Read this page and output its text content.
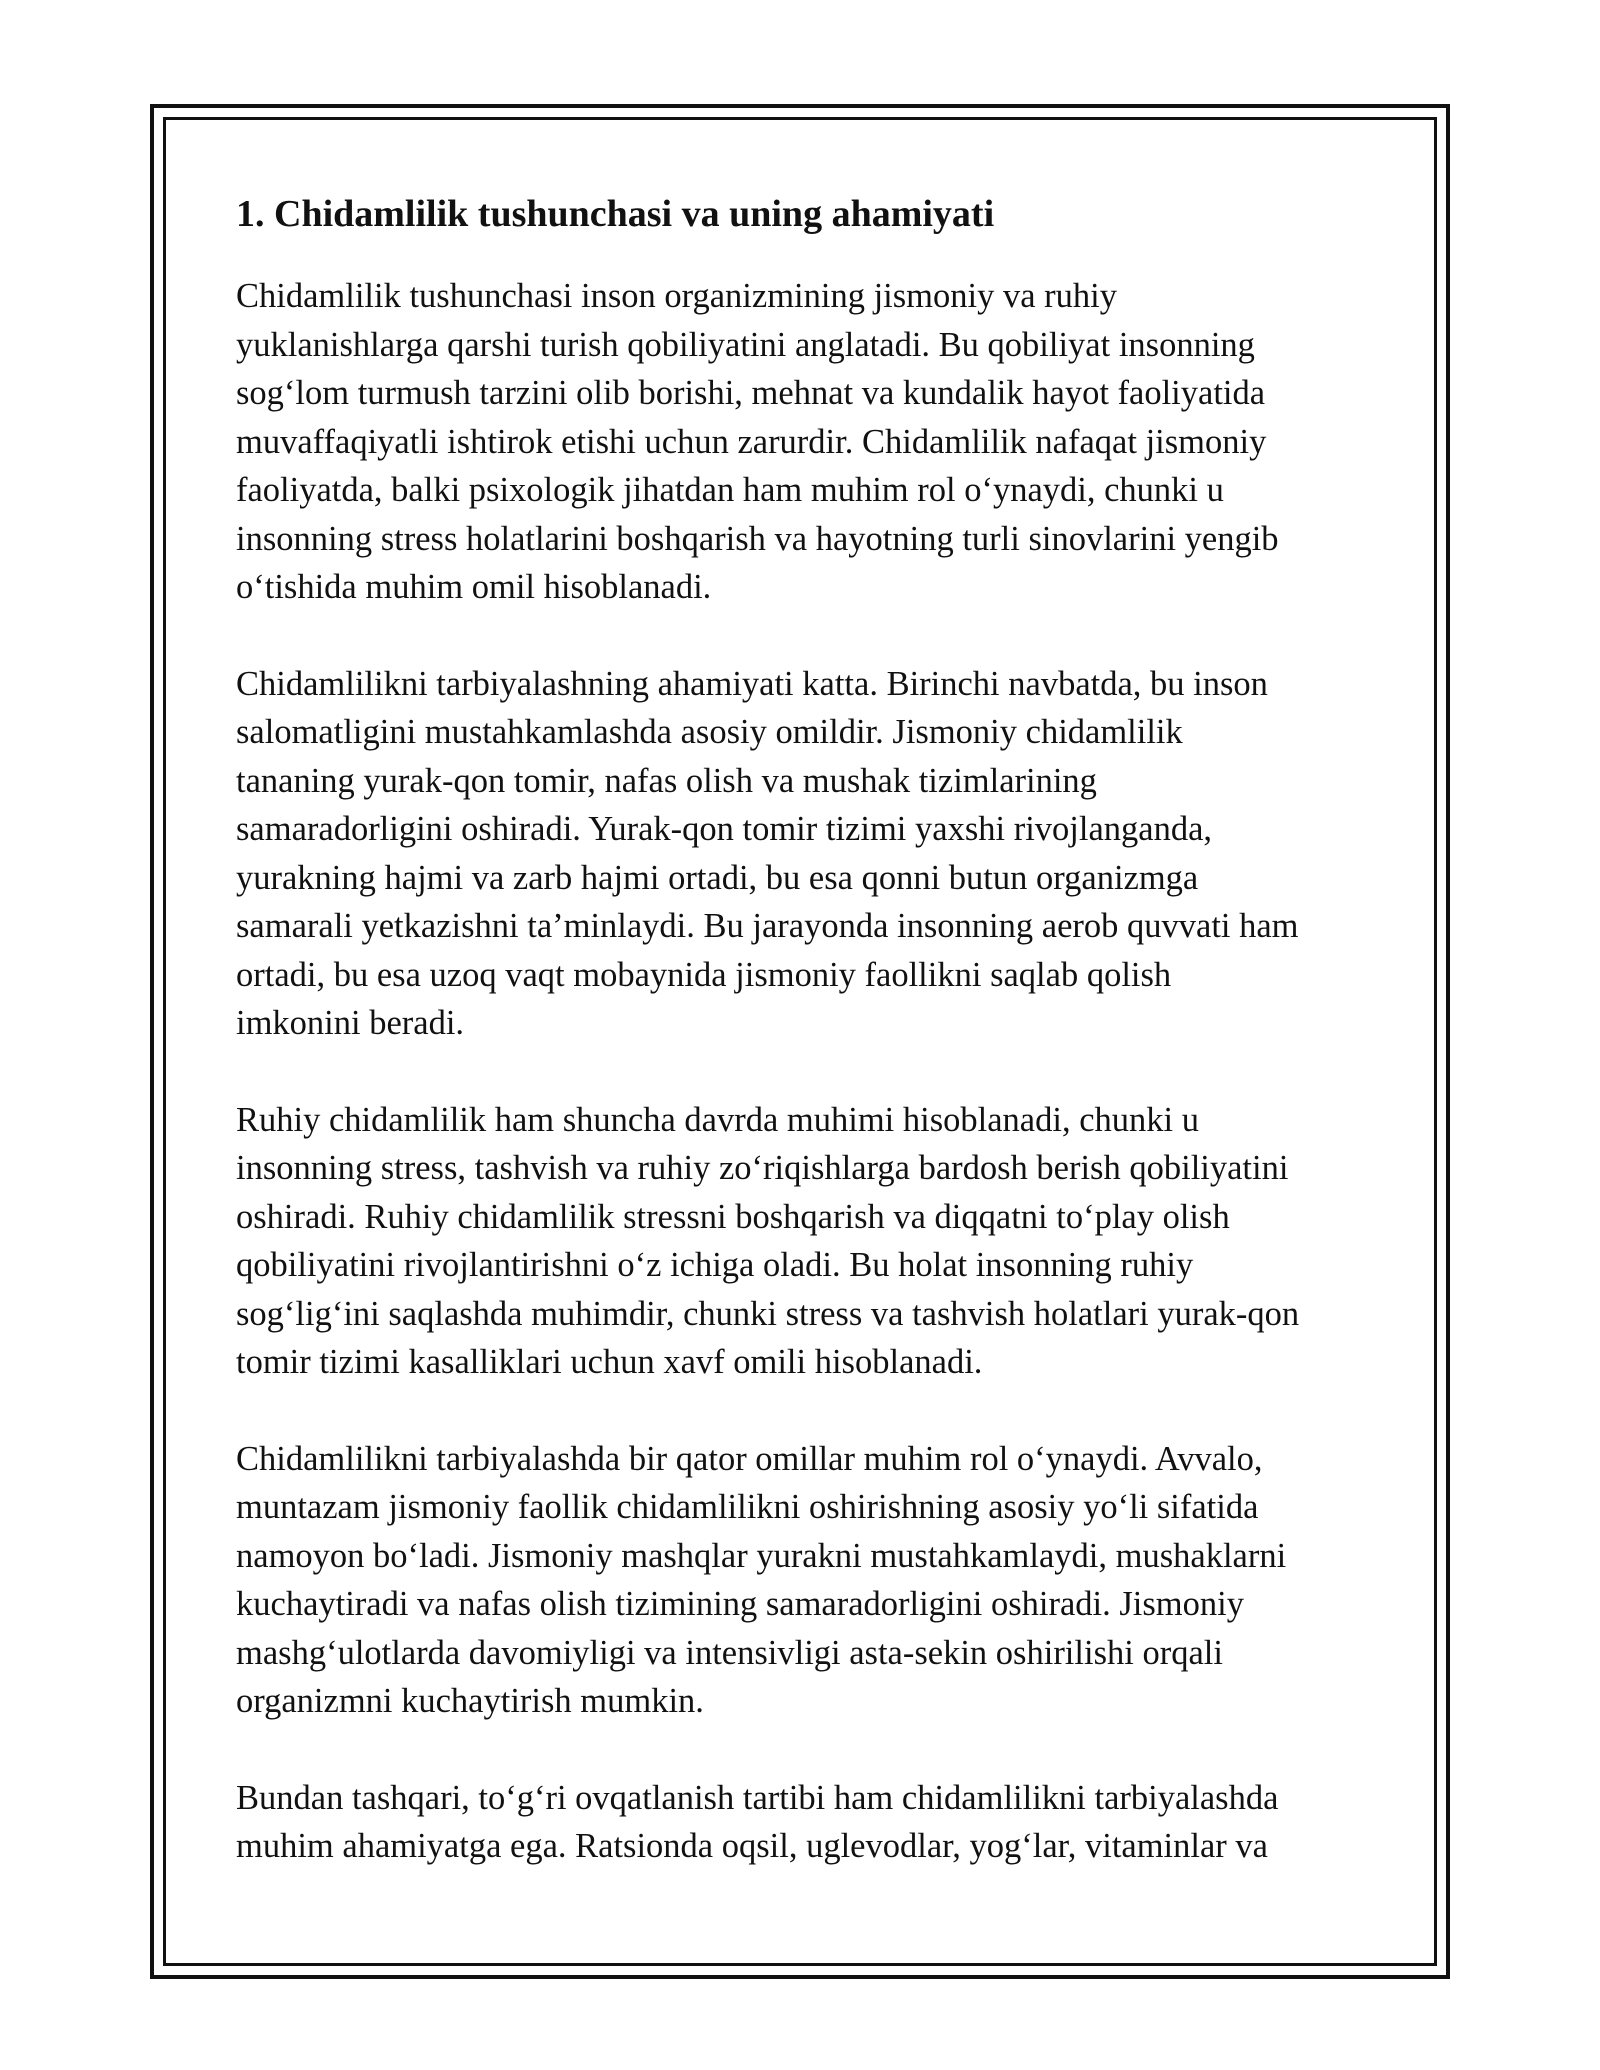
1. Chidamlilik tushunchasi va uning ahamiyati

Chidamlilik tushunchasi inson organizmining jismoniy va ruhiy
yuklanishlarga qarshi turish qobiliyatini anglatadi. Bu qobiliyat insonning
sog‘lom turmush tarzini olib borishi, mehnat va kundalik hayot faoliyatida
muvaffaqiyatli ishtirok etishi uchun zarurdir. Chidamlilik nafaqat jismoniy
faoliyatda, balki psixologik jihatdan ham muhim rol o‘ynaydi, chunki u
insonning stress holatlarini boshqarish va hayotning turli sinovlarini yengib
o‘tishida muhim omil hisoblanadi.

Chidamlilikni tarbiyalashning ahamiyati katta. Birinchi navbatda, bu inson
salomatligini mustahkamlashda asosiy omildir. Jismoniy chidamlilik
tananing yurak-qon tomir, nafas olish va mushak tizimlarining
samaradorligini oshiradi. Yurak-qon tomir tizimi yaxshi rivojlanganda,
yurakning hajmi va zarb hajmi ortadi, bu esa qonni butun organizmga
samarali yetkazishni ta’minlaydi. Bu jarayonda insonning aerob quvvati ham
ortadi, bu esa uzoq vaqt mobaynida jismoniy faollikni saqlab qolish
imkonini beradi.

Ruhiy chidamlilik ham shuncha davrda muhimi hisoblanadi, chunki u
insonning stress, tashvish va ruhiy zo‘riqishlarga bardosh berish qobiliyatini
oshiradi. Ruhiy chidamlilik stressni boshqarish va diqqatni to‘play olish
qobiliyatini rivojlantirishni o‘z ichiga oladi. Bu holat insonning ruhiy
sog‘lig‘ini saqlashda muhimdir, chunki stress va tashvish holatlari yurak-qon
tomir tizimi kasalliklari uchun xavf omili hisoblanadi.

Chidamlilikni tarbiyalashda bir qator omillar muhim rol o‘ynaydi. Avvalo,
muntazam jismoniy faollik chidamlilikni oshirishning asosiy yo‘li sifatida
namoyon bo‘ladi. Jismoniy mashqlar yurakni mustahkamlaydi, mushaklarni
kuchaytiradi va nafas olish tizimining samaradorligini oshiradi. Jismoniy
mashg‘ulotlarda davomiyligi va intensivligi asta-sekin oshirilishi orqali
organizmni kuchaytirish mumkin.

Bundan tashqari, to‘g‘ri ovqatlanish tartibi ham chidamlilikni tarbiyalashda
muhim ahamiyatga ega. Ratsionda oqsil, uglevodlar, yog‘lar, vitaminlar va
